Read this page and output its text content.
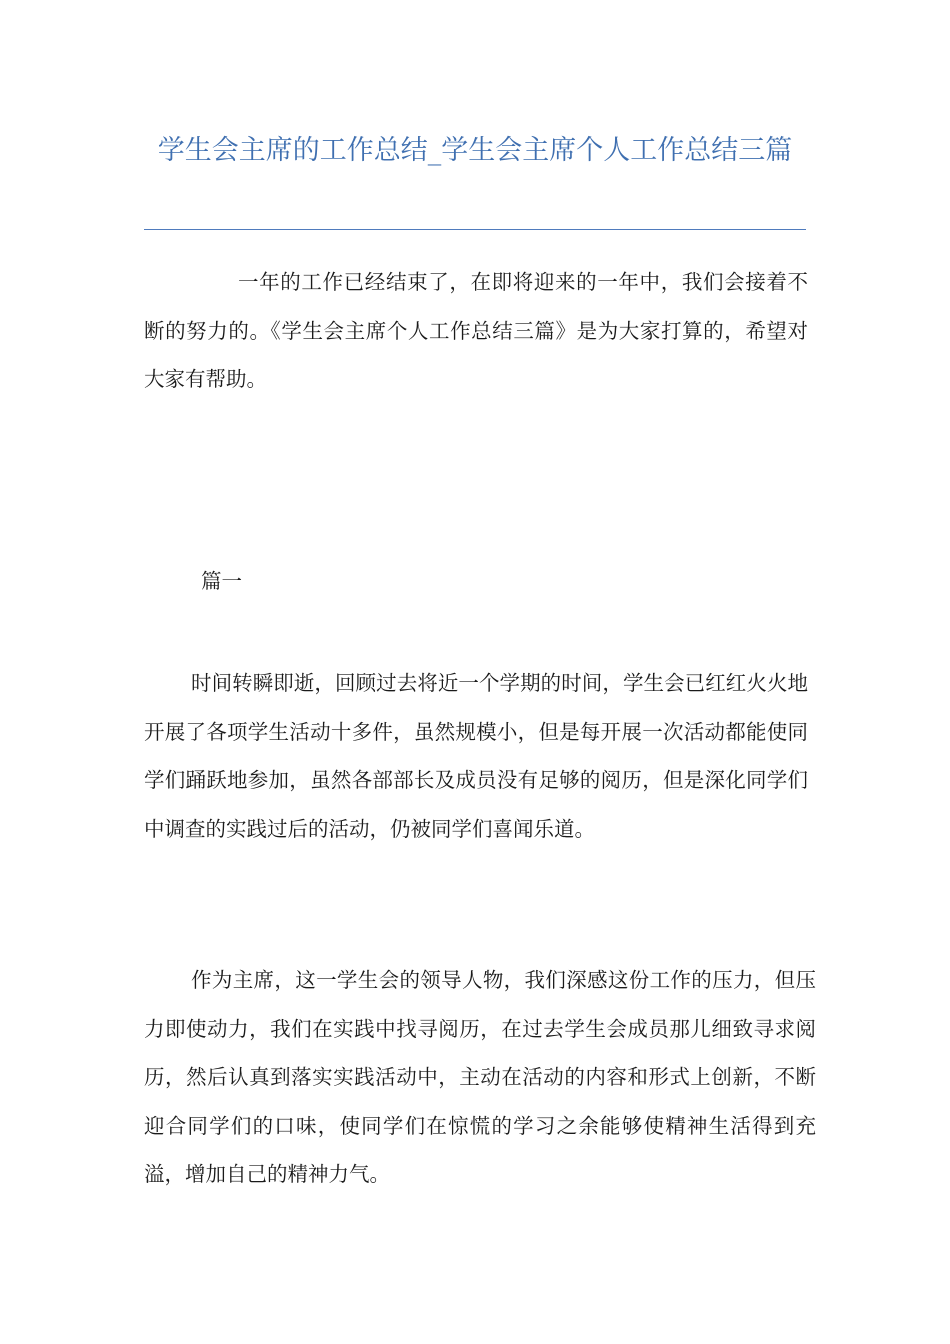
学生会主席的工作总结_学生会主席个人工作总结三篇

一年的工作已经结束了，在即将迎来的一年中，我们会接着不断的努力的。《学生会主席个人工作总结三篇》是为大家打算的，希望对大家有帮助。

篇一

时间转瞬即逝，回顾过去将近一个学期的时间，学生会已红红火火地开展了各项学生活动十多件，虽然规模小，但是每开展一次活动都能使同学们踊跃地参加，虽然各部部长及成员没有足够的阅历，但是深化同学们中调查的实践过后的活动，仍被同学们喜闻乐道。

作为主席，这一学生会的领导人物，我们深感这份工作的压力，但压力即使动力，我们在实践中找寻阅历，在过去学生会成员那儿细致寻求阅历，然后认真到落实实践活动中，主动在活动的内容和形式上创新，不断迎合同学们的口味，使同学们在惊慌的学习之余能够使精神生活得到充溢，增加自己的精神力气。
